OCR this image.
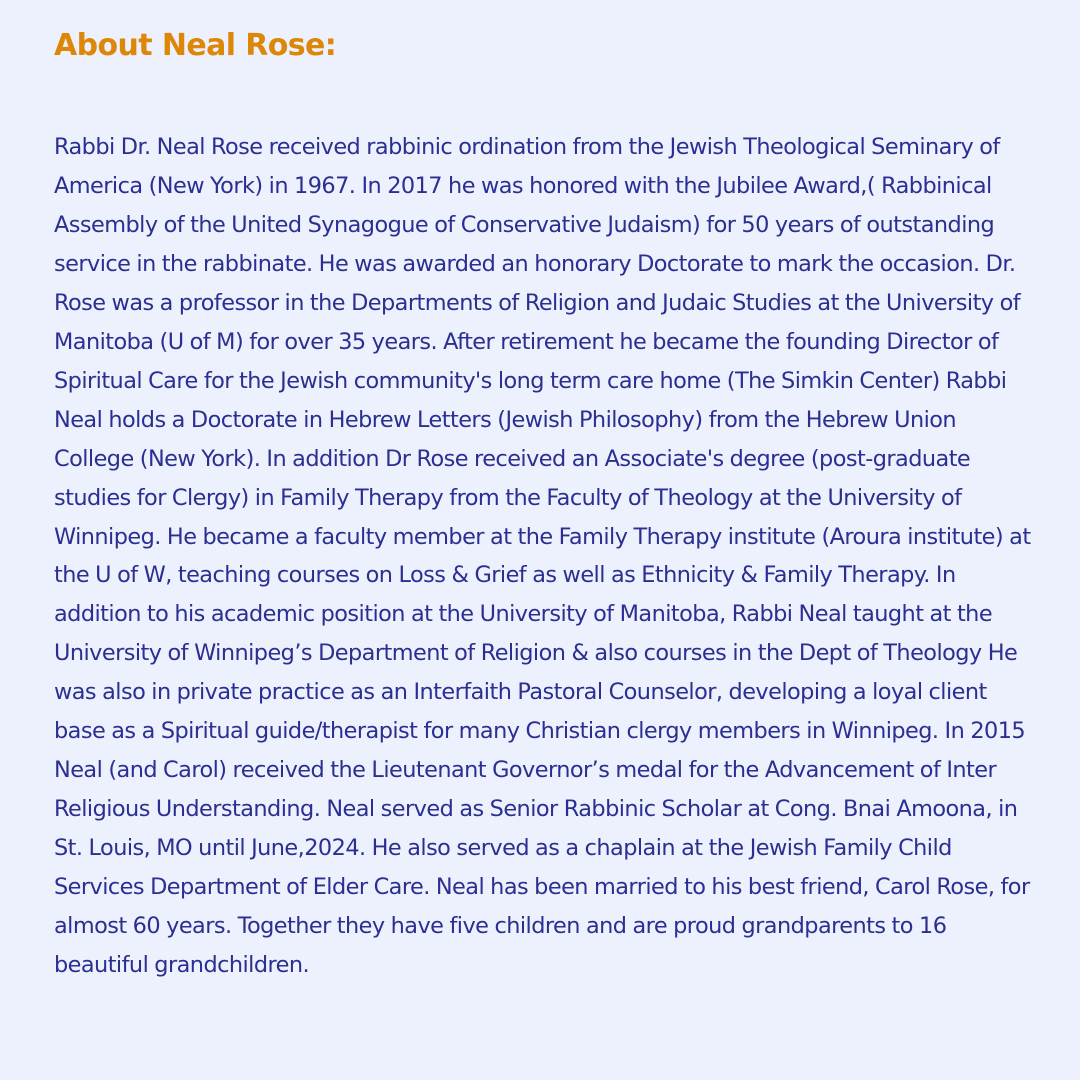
About Neal Rose:

Rabbi Dr. Neal Rose received rabbinic ordination from the Jewish Theological Seminary of America (New York) in 1967. In 2017 he was honored with the Jubilee Award,( Rabbinical Assembly of the United Synagogue of Conservative Judaism) for 50 years of outstanding service in the rabbinate. He was awarded an honorary Doctorate to mark the occasion. Dr. Rose was a professor in the Departments of Religion and Judaic Studies at the University of Manitoba (U of M) for over 35 years. After retirement he became the founding Director of Spiritual Care for the Jewish community's long term care home (The Simkin Center) Rabbi Neal holds a Doctorate in Hebrew Letters (Jewish Philosophy) from the Hebrew Union College (New York). In addition Dr Rose received an Associate's degree (post-graduate studies for Clergy) in Family Therapy from the Faculty of Theology at the University of Winnipeg. He became a faculty member at the Family Therapy institute (Aroura institute) at the U of W, teaching courses on Loss & Grief as well as Ethnicity & Family Therapy. In addition to his academic position at the University of Manitoba, Rabbi Neal taught at the University of Winnipeg’s Department of Religion & also courses in the Dept of Theology He was also in private practice as an Interfaith Pastoral Counselor, developing a loyal client base as a Spiritual guide/therapist for many Christian clergy members in Winnipeg. In 2015 Neal (and Carol) received the Lieutenant Governor’s medal for the Advancement of Inter Religious Understanding. Neal served as Senior Rabbinic Scholar at Cong. Bnai Amoona, in St. Louis, MO until June,2024. He also served as a chaplain at the Jewish Family Child Services Department of Elder Care. Neal has been married to his best friend, Carol Rose, for almost 60 years. Together they have five children and are proud grandparents to 16 beautiful grandchildren.
